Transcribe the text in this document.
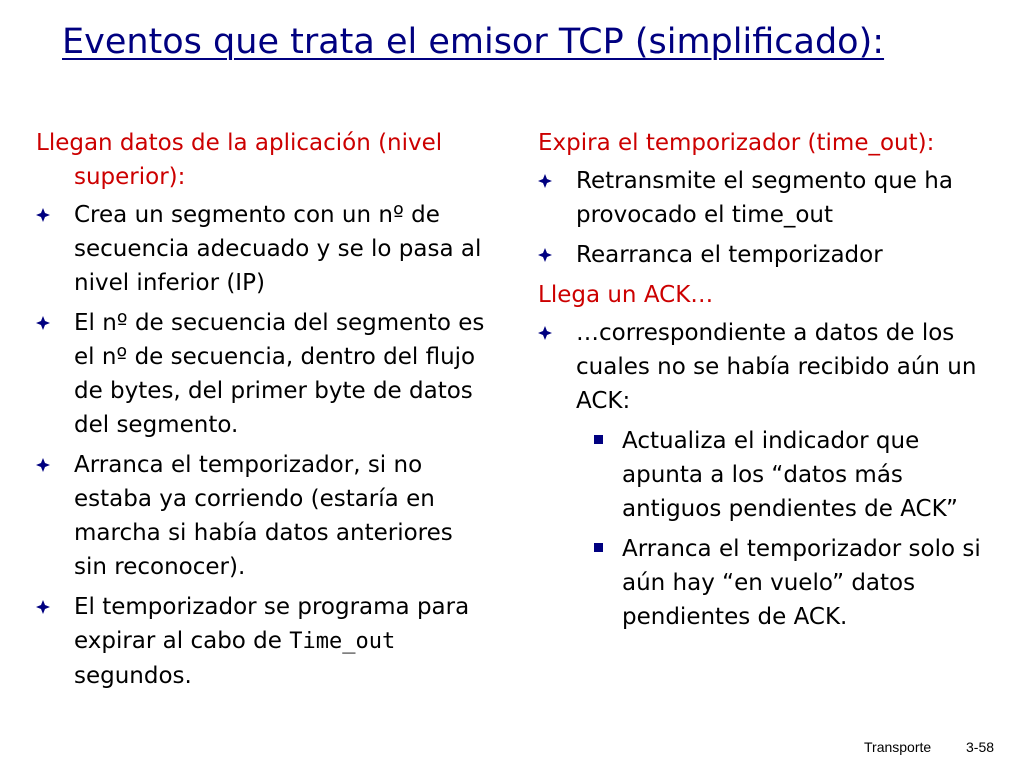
Eventos que trata el emisor TCP (simplificado):
Llegan datos de la aplicación (nivel superior):
Crea un segmento con un nº de secuencia adecuado y se lo pasa al nivel inferior (IP)
El nº de secuencia del segmento es el nº de secuencia, dentro del flujo de bytes, del primer byte de datos del segmento.
Arranca el temporizador, si no estaba ya corriendo (estaría en marcha si había datos anteriores sin reconocer).
El temporizador se programa para expirar al cabo de Time_out segundos.
Expira el temporizador (time_out):
Retransmite el segmento que ha provocado el time_out
Rearranca el temporizador
Llega un ACK…
…correspondiente a datos de los cuales no se había recibido aún un ACK:
Actualiza el indicador que apunta a los “datos más antiguos pendientes de ACK”
Arranca el temporizador solo si aún hay “en vuelo” datos pendientes de ACK.
Transporte 3-58
